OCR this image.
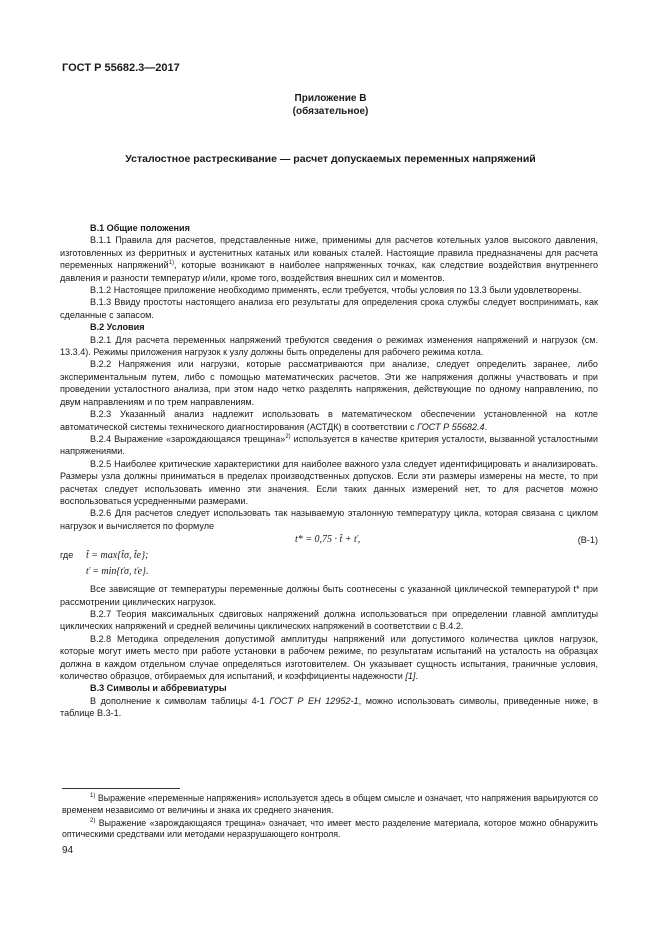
ГОСТ Р 55682.3—2017
Приложение В
(обязательное)
Усталостное растрескивание — расчет допускаемых переменных напряжений

В.1 Общие положения

В.1.1 Правила для расчетов, представленные ниже, применимы для расчетов котельных узлов высокого давления, изготовленных из ферритных и аустенитных катаных или кованых сталей. Настоящие правила предназначены для расчета переменных напряжений$^{1)}$, которые возникают в наиболее напряженных точках, как следствие воздействия внутреннего давления и разности температур и/или, кроме того, воздействия внешних сил и моментов.

В.1.2 Настоящее приложение необходимо применять, если требуется, чтобы условия по 13.3 были удовлетворены.

В.1.3 Ввиду простоты настоящего анализа его результаты для определения срока службы следует воспринимать, как сделанные с запасом.

В.2 Условия

В.2.1 Для расчета переменных напряжений требуются сведения о режимах изменения напряжений и нагрузок (см. 13.3.4). Режимы приложения нагрузок к узлу должны быть определены для рабочего режима котла.

В.2.2 Напряжения или нагрузки, которые рассматриваются при анализе, следует определить заранее, либо экспериментальным путем, либо с помощью математических расчетов. Эти же напряжения должны участвовать и при проведении усталостного анализа, при этом надо четко разделять напряжения, действующие по одному направлению, по двум направлениям и по трем направлениям.

В.2.3 Указанный анализ надлежит использовать в математическом обеспечении установленной на котле автоматической системы технического диагностирования (АСТДК) в соответствии с ГОСТ Р 55682.4.

В.2.4 Выражение «зарождающаяся трещина»$^{2)}$ используется в качестве критерия усталости, вызванной усталостными напряжениями.

В.2.5 Наиболее критические характеристики для наиболее важного узла следует идентифицировать и анализировать. Размеры узла должны приниматься в пределах производственных допусков. Если эти размеры измерены на месте, то при расчетах следует использовать именно эти значения. Если таких данных измерений нет, то для расчетов можно воспользоваться усредненными размерами.

В.2.6 Для расчетов следует использовать так называемую эталонную температуру цикла, которая связана с циклом нагрузок и вычисляется по формуле

t* = 0,75 · t̂ + ť,	(В-1)
где t̂ = max{t̂σ, t̂e};
ť = min{ťσ, ťe}.

Все зависящие от температуры переменные должны быть соотнесены с указанной циклической температурой t* при рассмотрении циклических нагрузок.

В.2.7 Теория максимальных сдвиговых напряжений должна использоваться при определении главной амплитуды циклических напряжений и средней величины циклических напряжений в соответствии с В.4.2.

В.2.8 Методика определения допустимой амплитуды напряжений или допустимого количества циклов нагрузок, которые могут иметь место при работе установки в рабочем режиме, по результатам испытаний на усталость на образцах должна в каждом отдельном случае определяться изготовителем. Он указывает сущность испытания, граничные условия, количество образцов, отбираемых для испытаний, и коэффициенты надежности [1].

В.3 Символы и аббревиатуры

В дополнение к символам таблицы 4-1 ГОСТ Р ЕН 12952-1, можно использовать символы, приведенные ниже, в таблице В.3-1.

$^{1)}$ Выражение «переменные напряжения» используется здесь в общем смысле и означает, что напряжения варьируются со временем независимо от величины и знака их среднего значения.

$^{2)}$ Выражение «зарождающаяся трещина» означает, что имеет место разделение материала, которое можно обнаружить оптическими средствами или методами неразрушающего контроля.

94
